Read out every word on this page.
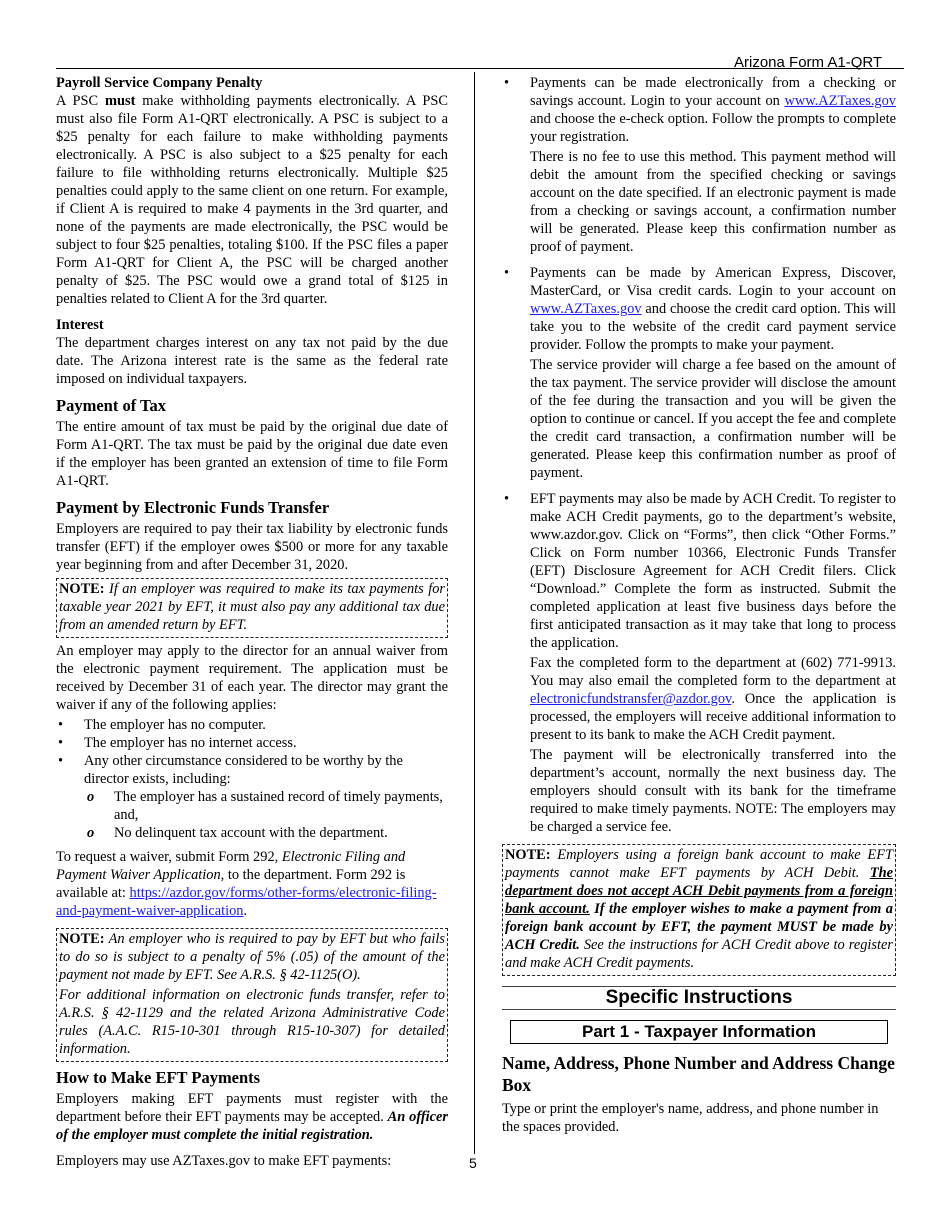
Arizona Form A1-QRT
Payroll Service Company Penalty

A PSC must make withholding payments electronically. A PSC must also file Form A1-QRT electronically. A PSC is subject to a $25 penalty for each failure to make withholding payments electronically. A PSC is also subject to a $25 penalty for each failure to file withholding returns electronically. Multiple $25 penalties could apply to the same client on one return. For example, if Client A is required to make 4 payments in the 3rd quarter, and none of the payments are made electronically, the PSC would be subject to four $25 penalties, totaling $100. If the PSC files a paper Form A1-QRT for Client A, the PSC will be charged another penalty of $25. The PSC would owe a grand total of $125 in penalties related to Client A for the 3rd quarter.

Interest

The department charges interest on any tax not paid by the due date. The Arizona interest rate is the same as the federal rate imposed on individual taxpayers.

Payment of Tax

The entire amount of tax must be paid by the original due date of Form A1-QRT. The tax must be paid by the original due date even if the employer has been granted an extension of time to file Form A1-QRT.

Payment by Electronic Funds Transfer

Employers are required to pay their tax liability by electronic funds transfer (EFT) if the employer owes $500 or more for any taxable year beginning from and after December 31, 2020.

NOTE: If an employer was required to make its tax payments for taxable year 2021 by EFT, it must also pay any additional tax due from an amended return by EFT.

An employer may apply to the director for an annual waiver from the electronic payment requirement. The application must be received by December 31 of each year. The director may grant the waiver if any of the following applies:

• The employer has no computer.
• The employer has no internet access.
• Any other circumstance considered to be worthy by the director exists, including:
o The employer has a sustained record of timely payments, and,
o No delinquent tax account with the department.

To request a waiver, submit Form 292, Electronic Filing and Payment Waiver Application, to the department. Form 292 is available at: https://azdor.gov/forms/other-forms/electronic-filing-and-payment-waiver-application.

NOTE: An employer who is required to pay by EFT but who fails to do so is subject to a penalty of 5% (.05) of the amount of the payment not made by EFT. See A.R.S. § 42-1125(O).

For additional information on electronic funds transfer, refer to A.R.S. § 42-1129 and the related Arizona Administrative Code rules (A.A.C. R15-10-301 through R15-10-307) for detailed information.

How to Make EFT Payments

Employers making EFT payments must register with the department before their EFT payments may be accepted. An officer of the employer must complete the initial registration.

Employers may use AZTaxes.gov to make EFT payments:

• Payments can be made electronically from a checking or savings account. Login to your account on www.AZTaxes.gov and choose the e-check option. Follow the prompts to complete your registration.

There is no fee to use this method. This payment method will debit the amount from the specified checking or savings account on the date specified. If an electronic payment is made from a checking or savings account, a confirmation number will be generated. Please keep this confirmation number as proof of payment.

• Payments can be made by American Express, Discover, MasterCard, or Visa credit cards. Login to your account on www.AZTaxes.gov and choose the credit card option. This will take you to the website of the credit card payment service provider. Follow the prompts to make your payment.

The service provider will charge a fee based on the amount of the tax payment. The service provider will disclose the amount of the fee during the transaction and you will be given the option to continue or cancel. If you accept the fee and complete the credit card transaction, a confirmation number will be generated. Please keep this confirmation number as proof of payment.

• EFT payments may also be made by ACH Credit. To register to make ACH Credit payments, go to the department’s website, www.azdor.gov. Click on “Forms”, then click “Other Forms.” Click on Form number 10366, Electronic Funds Transfer (EFT) Disclosure Agreement for ACH Credit filers. Click “Download.” Complete the form as instructed. Submit the completed application at least five business days before the first anticipated transaction as it may take that long to process the application.

Fax the completed form to the department at (602) 771-9913. You may also email the completed form to the department at electronicfundstransfer@azdor.gov. Once the application is processed, the employers will receive additional information to present to its bank to make the ACH Credit payment.

The payment will be electronically transferred into the department’s account, normally the next business day. The employers should consult with its bank for the timeframe required to make timely payments. NOTE: The employers may be charged a service fee.

NOTE: Employers using a foreign bank account to make EFT payments cannot make EFT payments by ACH Debit. The department does not accept ACH Debit payments from a foreign bank account. If the employer wishes to make a payment from a foreign bank account by EFT, the payment MUST be made by ACH Credit. See the instructions for ACH Credit above to register and make ACH Credit payments.

Specific Instructions
Part 1 - Taxpayer Information
Name, Address, Phone Number and Address Change Box

Type or print the employer's name, address, and phone number in the spaces provided.

5
